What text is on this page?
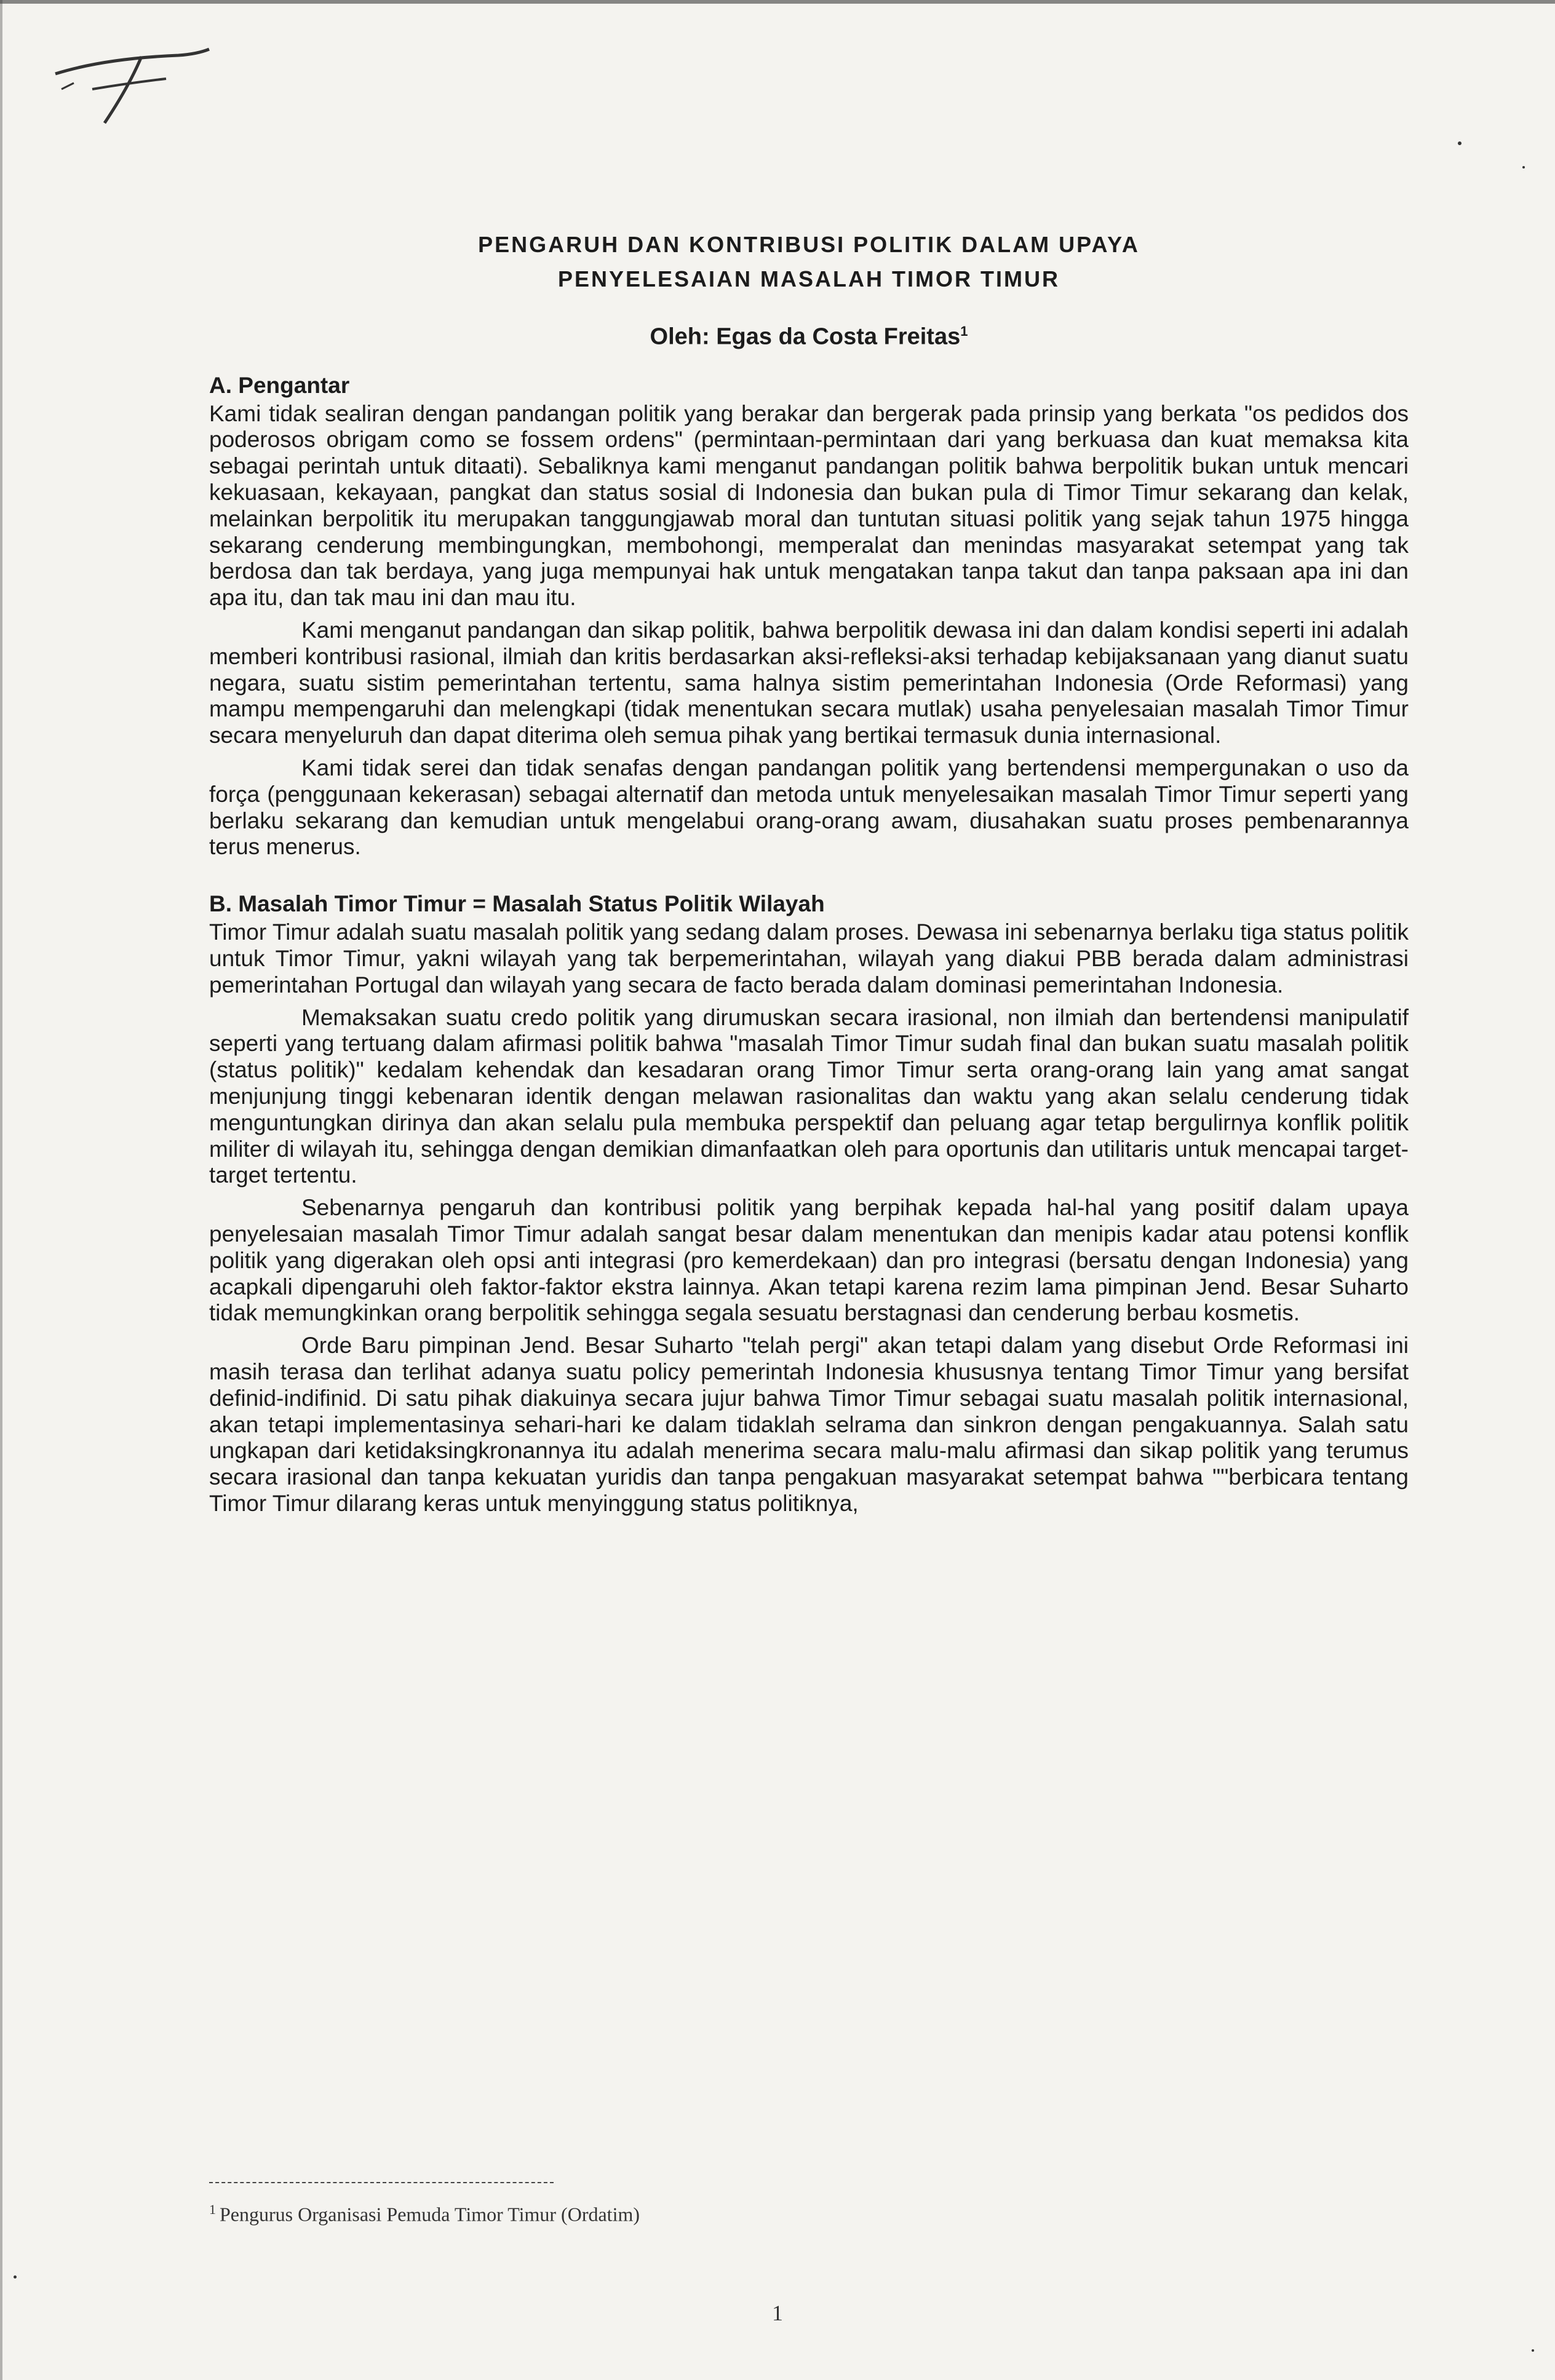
PENGARUH DAN KONTRIBUSI POLITIK DALAM UPAYA
PENYELESAIAN MASALAH TIMOR TIMUR
Oleh: Egas da Costa Freitas$^1$
A. Pengantar

Kami tidak sealiran dengan pandangan politik yang berakar dan bergerak pada prinsip yang berkata "os pedidos dos poderosos obrigam como se fossem ordens" (permintaan-permintaan dari yang berkuasa dan kuat memaksa kita sebagai perintah untuk ditaati). Sebaliknya kami menganut pandangan politik bahwa berpolitik bukan untuk mencari kekuasaan, kekayaan, pangkat dan status sosial di Indonesia dan bukan pula di Timor Timur sekarang dan kelak, melainkan berpolitik itu merupakan tanggungjawab moral dan tuntutan situasi politik yang sejak tahun 1975 hingga sekarang cenderung membingungkan, membohongi, memperalat dan menindas masyarakat setempat yang tak berdosa dan tak berdaya, yang juga mempunyai hak untuk mengatakan tanpa takut dan tanpa paksaan apa ini dan apa itu, dan tak mau ini dan mau itu.

Kami menganut pandangan dan sikap politik, bahwa berpolitik dewasa ini dan dalam kondisi seperti ini adalah memberi kontribusi rasional, ilmiah dan kritis berdasarkan aksi-refleksi-aksi terhadap kebijaksanaan yang dianut suatu negara, suatu sistim pemerintahan tertentu, sama halnya sistim pemerintahan Indonesia (Orde Reformasi) yang mampu mempengaruhi dan melengkapi (tidak menentukan secara mutlak) usaha penyelesaian masalah Timor Timur secara menyeluruh dan dapat diterima oleh semua pihak yang bertikai termasuk dunia internasional.

Kami tidak serei dan tidak senafas dengan pandangan politik yang bertendensi mempergunakan o uso da força (penggunaan kekerasan) sebagai alternatif dan metoda untuk menyelesaikan masalah Timor Timur seperti yang berlaku sekarang dan kemudian untuk mengelabui orang-orang awam, diusahakan suatu proses pembenarannya terus menerus.

B. Masalah Timor Timur = Masalah Status Politik Wilayah

Timor Timur adalah suatu masalah politik yang sedang dalam proses. Dewasa ini sebenarnya berlaku tiga status politik untuk Timor Timur, yakni wilayah yang tak berpemerintahan, wilayah yang diakui PBB berada dalam administrasi pemerintahan Portugal dan wilayah yang secara de facto berada dalam dominasi pemerintahan Indonesia.

Memaksakan suatu credo politik yang dirumuskan secara irasional, non ilmiah dan bertendensi manipulatif seperti yang tertuang dalam afirmasi politik bahwa "masalah Timor Timur sudah final dan bukan suatu masalah politik (status politik)" kedalam kehendak dan kesadaran orang Timor Timur serta orang-orang lain yang amat sangat menjunjung tinggi kebenaran identik dengan melawan rasionalitas dan waktu yang akan selalu cenderung tidak menguntungkan dirinya dan akan selalu pula membuka perspektif dan peluang agar tetap bergulirnya konflik politik militer di wilayah itu, sehingga dengan demikian dimanfaatkan oleh para oportunis dan utilitaris untuk mencapai target-target tertentu.

Sebenarnya pengaruh dan kontribusi politik yang berpihak kepada hal-hal yang positif dalam upaya penyelesaian masalah Timor Timur adalah sangat besar dalam menentukan dan menipis kadar atau potensi konflik politik yang digerakan oleh opsi anti integrasi (pro kemerdekaan) dan pro integrasi (bersatu dengan Indonesia) yang acapkali dipengaruhi oleh faktor-faktor ekstra lainnya. Akan tetapi karena rezim lama pimpinan Jend. Besar Suharto tidak memungkinkan orang berpolitik sehingga segala sesuatu berstagnasi dan cenderung berbau kosmetis.

Orde Baru pimpinan Jend. Besar Suharto "telah pergi" akan tetapi dalam yang disebut Orde Reformasi ini masih terasa dan terlihat adanya suatu policy pemerintah Indonesia khususnya tentang Timor Timur yang bersifat definid-indifinid. Di satu pihak diakuinya secara jujur bahwa Timor Timur sebagai suatu masalah politik internasional, akan tetapi implementasinya sehari-hari ke dalam tidaklah selrama dan sinkron dengan pengakuannya. Salah satu ungkapan dari ketidaksingkronannya itu adalah menerima secara malu-malu afirmasi dan sikap politik yang terumus secara irasional dan tanpa kekuatan yuridis dan tanpa pengakuan masyarakat setempat bahwa ""berbicara tentang Timor Timur dilarang keras untuk menyinggung status politiknya,

$^1$ Pengurus Organisasi Pemuda Timor Timur (Ordatim)
1
